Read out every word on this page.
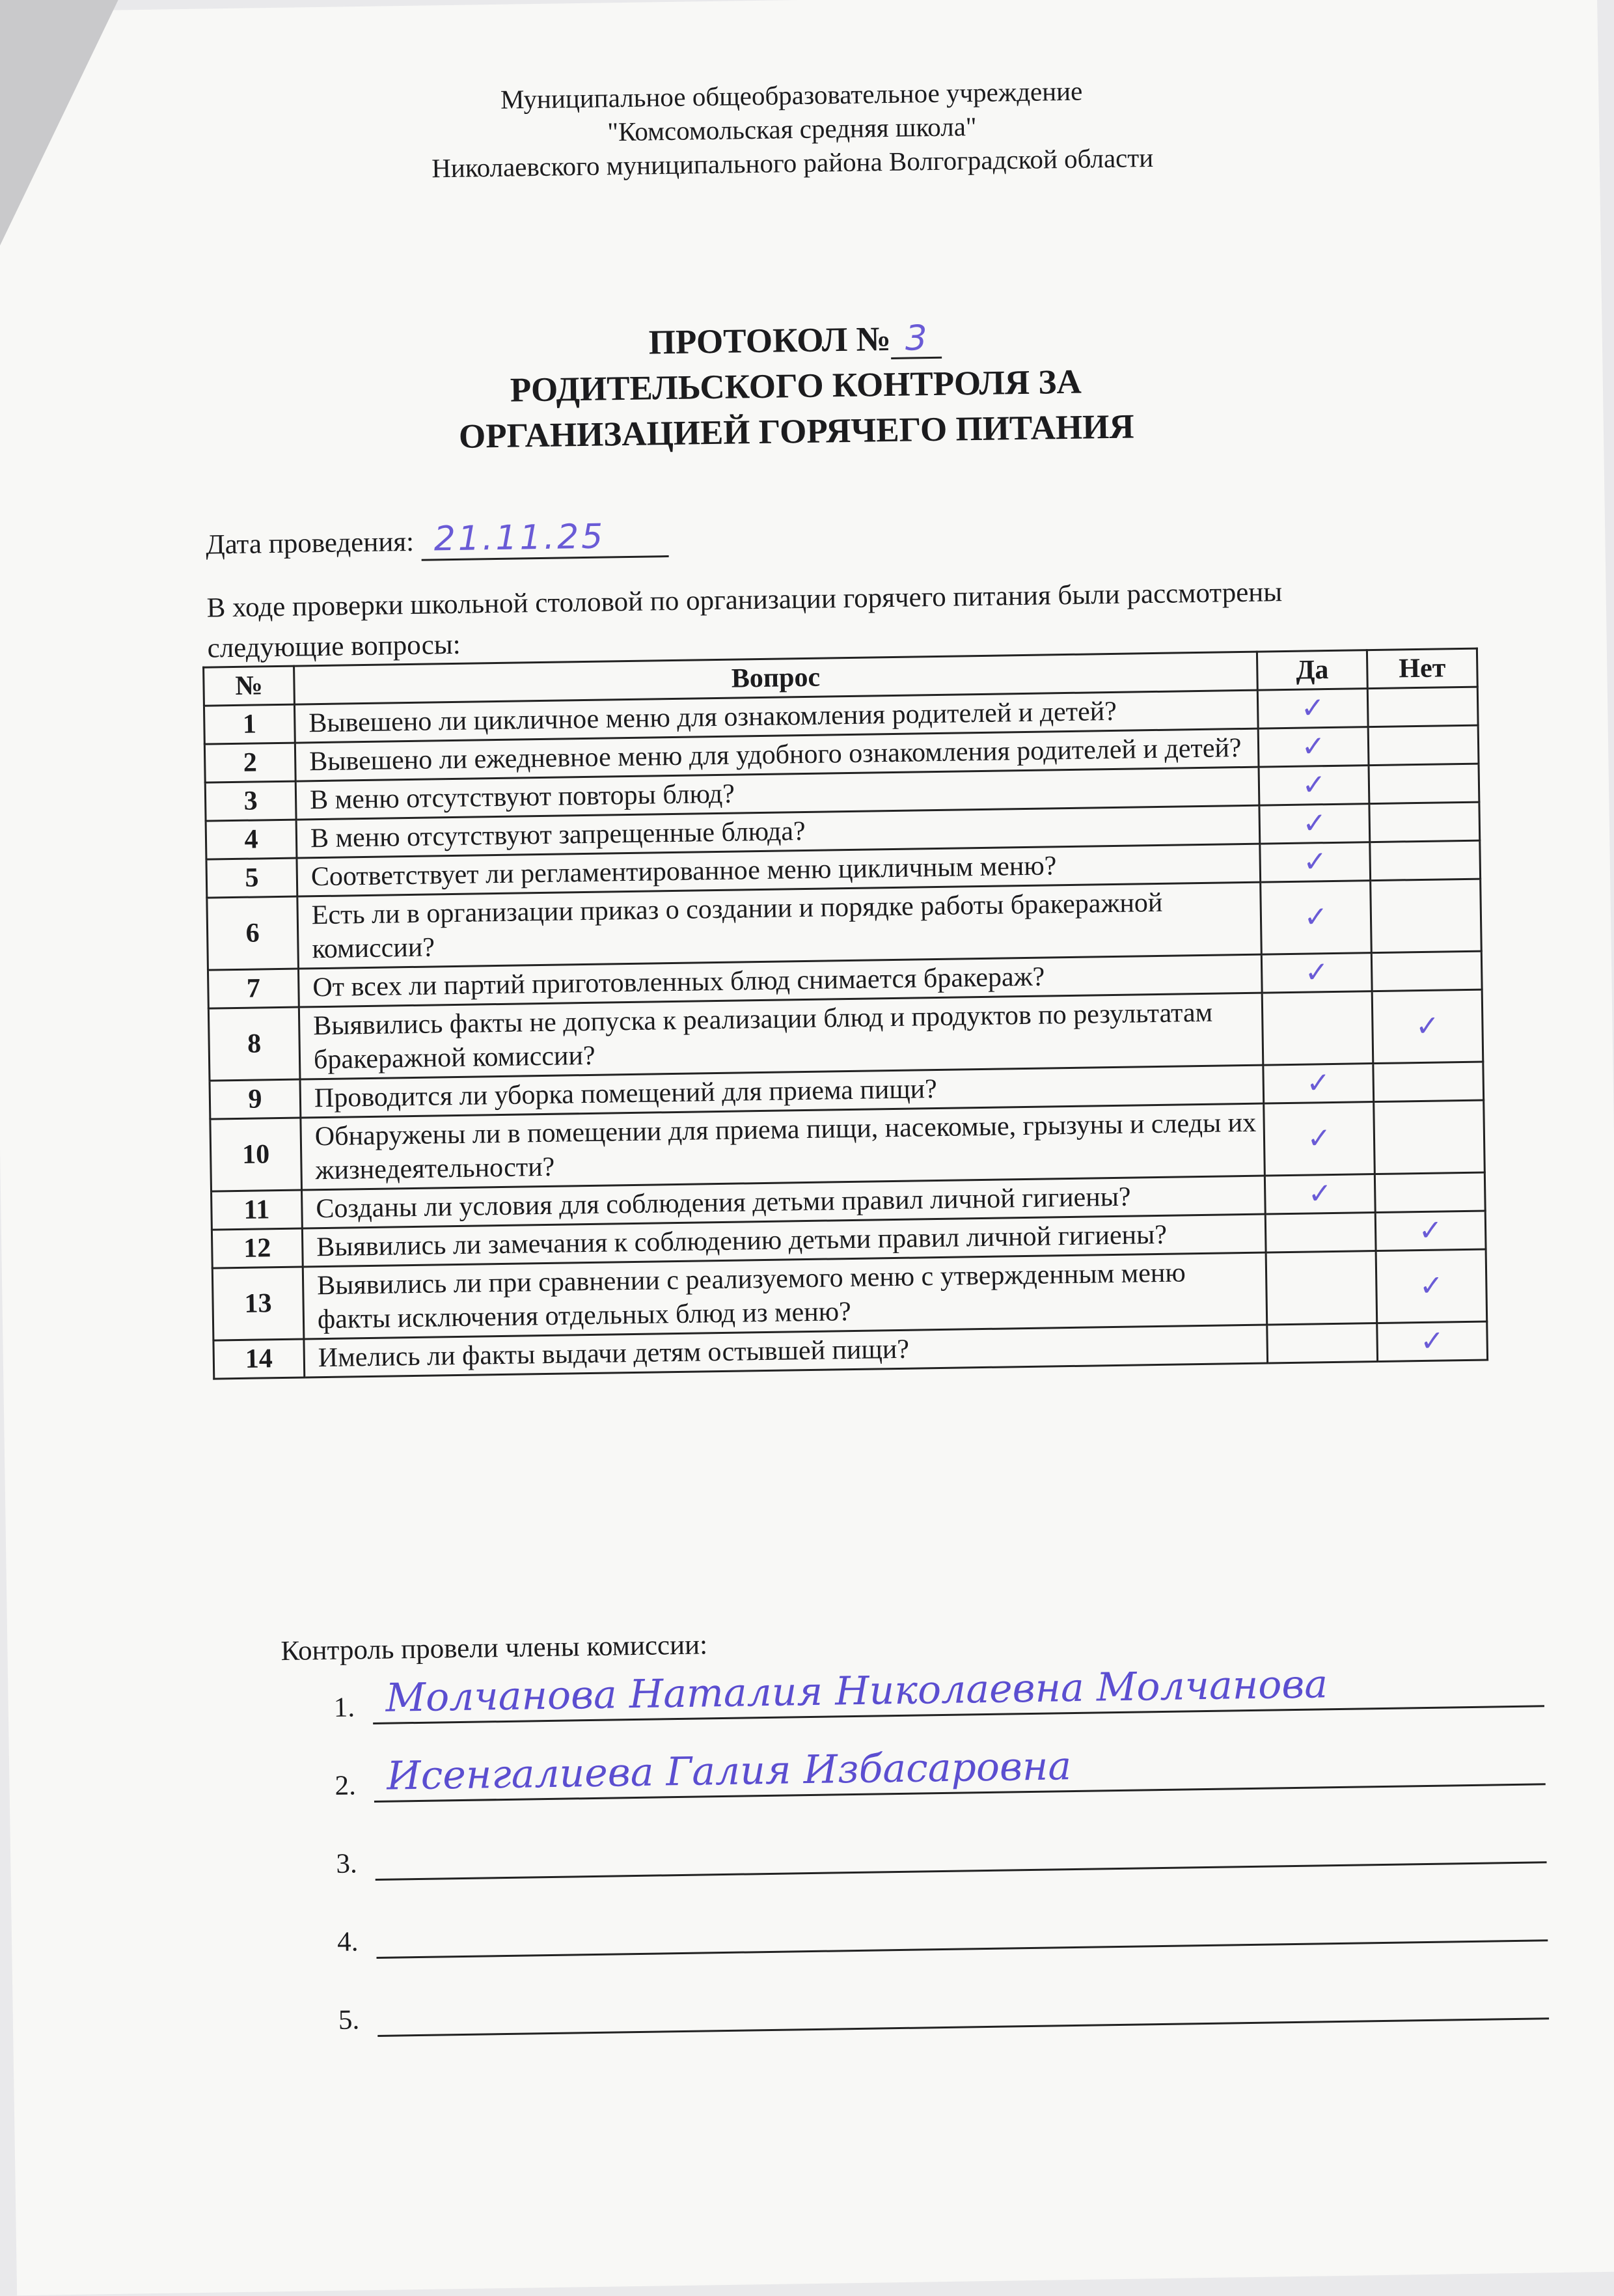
Муниципальное общеобразовательное учреждение
"Комсомольская средняя школа"
Николаевского муниципального района Волгоградской области
ПРОТОКОЛ № 3
РОДИТЕЛЬСКОГО КОНТРОЛЯ ЗА
ОРГАНИЗАЦИЕЙ ГОРЯЧЕГО ПИТАНИЯ
Дата проведения: 21.11.25
В ходе проверки школьной столовой по организации горячего питания были рассмотрены следующие вопросы:
№	Вопрос	Да	Нет
1	Вывешено ли цикличное меню для ознакомления родителей и детей?	✓	
2	Вывешено ли ежедневное меню для удобного ознакомления родителей и детей?	✓	
3	В меню отсутствуют повторы блюд?	✓	
4	В меню отсутствуют запрещенные блюда?	✓	
5	Соответствует ли регламентированное меню цикличным меню?	✓	
6	Есть ли в организации приказ о создании и порядке работы бракеражной комиссии?	✓	
7	От всех ли партий приготовленных блюд снимается бракераж?	✓	
8	Выявились факты не допуска к реализации блюд и продуктов по результатам бракеражной комиссии?		✓
9	Проводится ли уборка помещений для приема пищи?	✓	
10	Обнаружены ли в помещении для приема пищи, насекомые, грызуны и следы их жизнедеятельности?	✓	
11	Созданы ли условия для соблюдения детьми правил личной гигиены?	✓	
12	Выявились ли замечания к соблюдению детьми правил личной гигиены?		✓
13	Выявились ли при сравнении с реализуемого меню с утвержденным меню факты исключения отдельных блюд из меню?		✓
14	Имелись ли факты выдачи детям остывшей пищи?		✓
Контроль провели члены комиссии:
1. Молчанова Наталия Николаевна Молчанова
2. Исенгалиева Галия Избасаровна
3.
4.
5.
